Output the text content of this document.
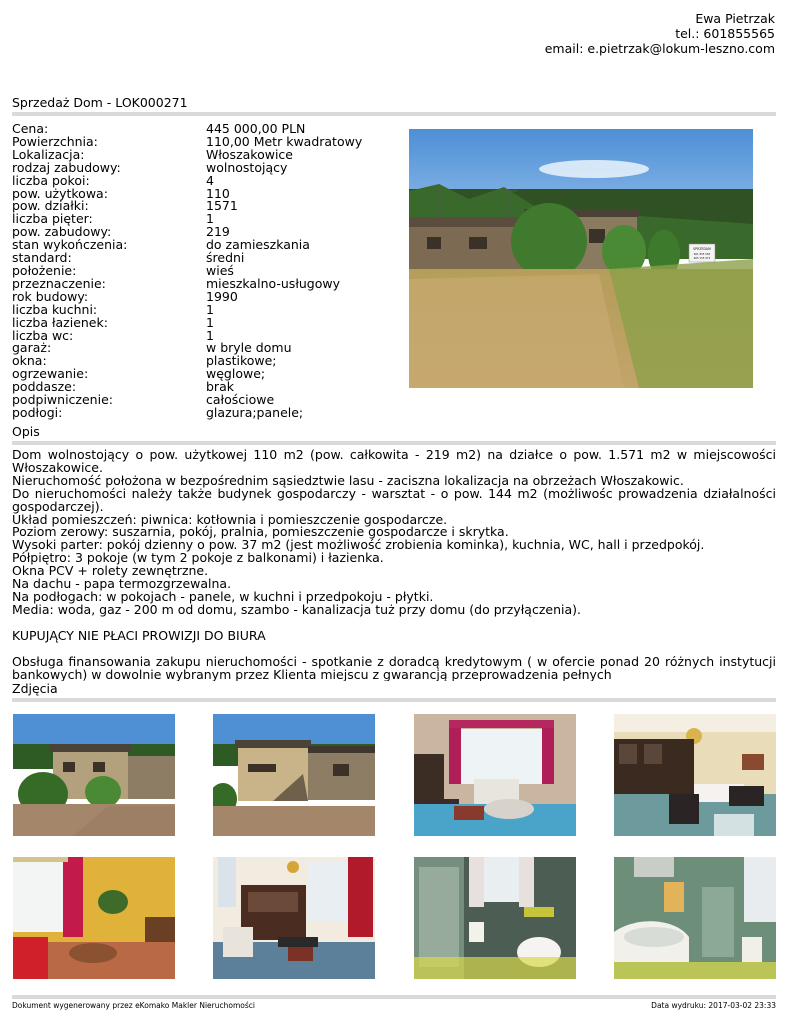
Ewa Pietrzak
tel.: 601855565
email: e.pietrzak@lokum-leszno.com
Sprzedaż Dom - LOK000271
Cena:	445 000,00 PLN
Powierzchnia:	110,00 Metr kwadratowy
Lokalizacja:	Włoszakowice
rodzaj zabudowy:	wolnostojący
liczba pokoi:	4
pow. użytkowa:	110
pow. działki:	1571
liczba pięter:	1
pow. zabudowy:	219
stan wykończenia:	do zamieszkania
standard:	średni
położenie:	wieś
przeznaczenie:	mieszkalno-usługowy
rok budowy:	1990
liczba kuchni:	1
liczba łazienek:	1
liczba wc:	1
garaż:	w bryle domu
okna:	plastikowe;
ogrzewanie:	węglowe;
poddasze:	brak
podpiwniczenie:	całościowe
podłogi:	glazura;panele;
SPRZEDAM
601 855 565
605 155 975
Opis

Dom wolnostojący o pow. użytkowej 110 m2 (pow. całkowita - 219 m2) na działce o pow. 1.571 m2 w miejscowości Włoszakowice.

Nieruchomość położona w bezpośrednim sąsiedztwie lasu - zaciszna lokalizacja na obrzeżach Włoszakowic.

Do nieruchomości należy także budynek gospodarczy - warsztat - o pow. 144 m2 (możliwośc prowadzenia działalności gospodarczej).

Układ pomieszczeń: piwnica: kotłownia i pomieszczenie gospodarcze.

Poziom zerowy: suszarnia, pokój, pralnia, pomieszczenie gospodarcze i skrytka.

Wysoki parter: pokój dzienny o pow. 37 m2 (jest możliwość zrobienia kominka), kuchnia, WC, hall i przedpokój.

Półpiętro: 3 pokoje (w tym 2 pokoje z balkonami) i łazienka.

Okna PCV + rolety zewnętrzne.

Na dachu - papa termozgrzewalna.

Na podłogach: w pokojach - panele, w kuchni i przedpokoju - płytki.

Media: woda, gaz - 200 m od domu, szambo - kanalizacja tuż przy domu (do przyłączenia).

KUPUJĄCY NIE PŁACI PROWIZJI DO BIURA

Obsługa finansowania zakupu nieruchomości - spotkanie z doradcą kredytowym ( w ofercie ponad 20 różnych instytucji bankowych) w dowolnie wybranym przez Klienta miejscu z gwarancją przeprowadzenia pełnych

Zdjęcia
Dokument wygenerowany przez eKomako Makler Nieruchomości	Data wydruku: 2017-03-02 23:33
